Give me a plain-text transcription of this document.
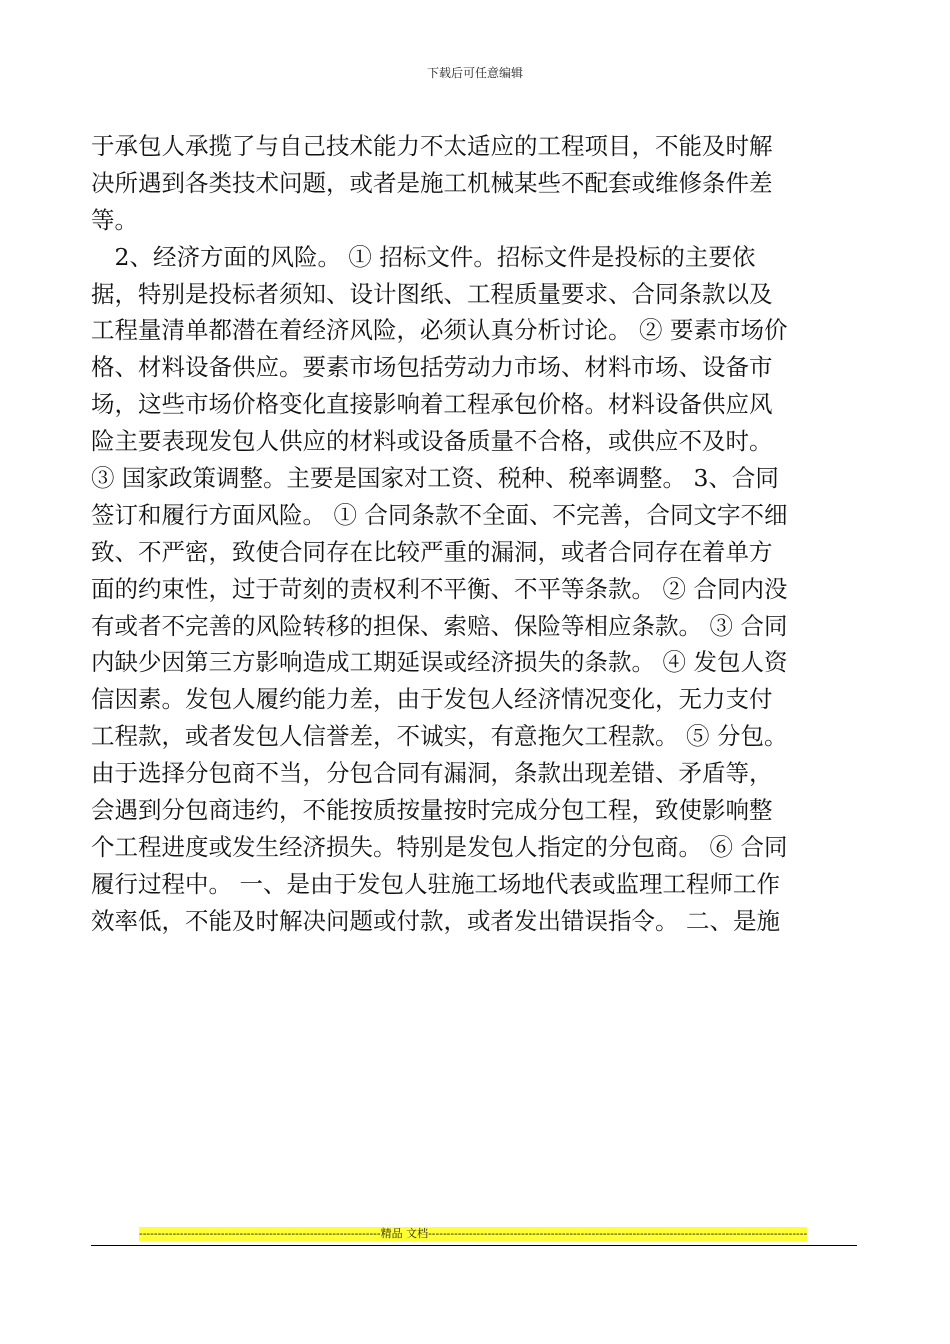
下载后可任意编辑
于承包人承揽了与自己技术能力不太适应的工程项目，不能及时解
决所遇到各类技术问题，或者是施工机械某些不配套或维修条件差
等。
　2、经济方面的风险。 ① 招标文件。招标文件是投标的主要依
据，特别是投标者须知、设计图纸、工程质量要求、合同条款以及
工程量清单都潜在着经济风险，必须认真分析讨论。 ② 要素市场价
格、材料设备供应。要素市场包括劳动力市场、材料市场、设备市
场，这些市场价格变化直接影响着工程承包价格。材料设备供应风
险主要表现发包人供应的材料或设备质量不合格，或供应不及时。
③ 国家政策调整。主要是国家对工资、税种、税率调整。 3、合同
签订和履行方面风险。 ① 合同条款不全面、不完善，合同文字不细
致、不严密，致使合同存在比较严重的漏洞，或者合同存在着单方
面的约束性，过于苛刻的责权利不平衡、不平等条款。 ② 合同内没
有或者不完善的风险转移的担保、索赔、保险等相应条款。 ③ 合同
内缺少因第三方影响造成工期延误或经济损失的条款。 ④ 发包人资
信因素。发包人履约能力差，由于发包人经济情况变化，无力支付
工程款，或者发包人信誉差，不诚实，有意拖欠工程款。 ⑤ 分包。
由于选择分包商不当，分包合同有漏洞，条款出现差错、矛盾等，
会遇到分包商违约，不能按质按量按时完成分包工程，致使影响整
个工程进度或发生经济损失。特别是发包人指定的分包商。 ⑥ 合同
履行过程中。 一、是由于发包人驻施工场地代表或监理工程师工作
效率低，不能及时解决问题或付款，或者发出错误指令。 二、是施
-----------------------------------------------------------------精品 文档------------------------------------------------------------------------------------------------------
